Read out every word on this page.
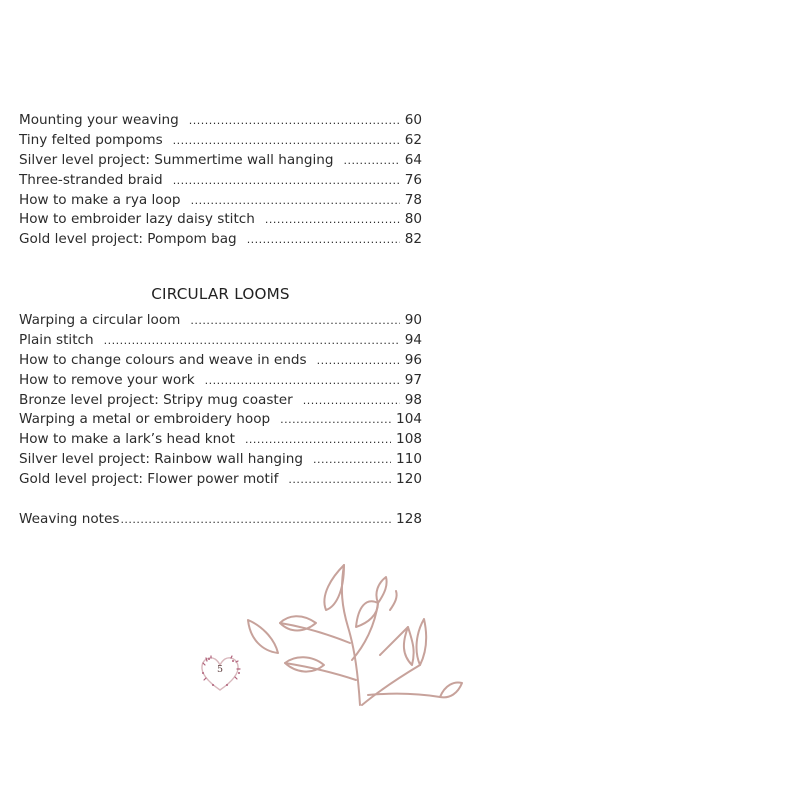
Mounting your weaving .....	60
Tiny felted pompoms .....	62
Silver level project: Summertime wall hanging .....	64
Three-stranded braid .....	76
How to make a rya loop .....	78
How to embroider lazy daisy stitch .....	80
Gold level project: Pompom bag .....	82
CIRCULAR LOOMS
Warping a circular loom .....	90
Plain stitch .....	94
How to change colours and weave in ends .....	96
How to remove your work .....	97
Bronze level project: Stripy mug coaster .....	98
Warping a metal or embroidery hoop .....	104
How to make a lark’s head knot .....	108
Silver level project: Rainbow wall hanging .....	110
Gold level project: Flower power motif .....	120
Weaving notes .....	128
5
